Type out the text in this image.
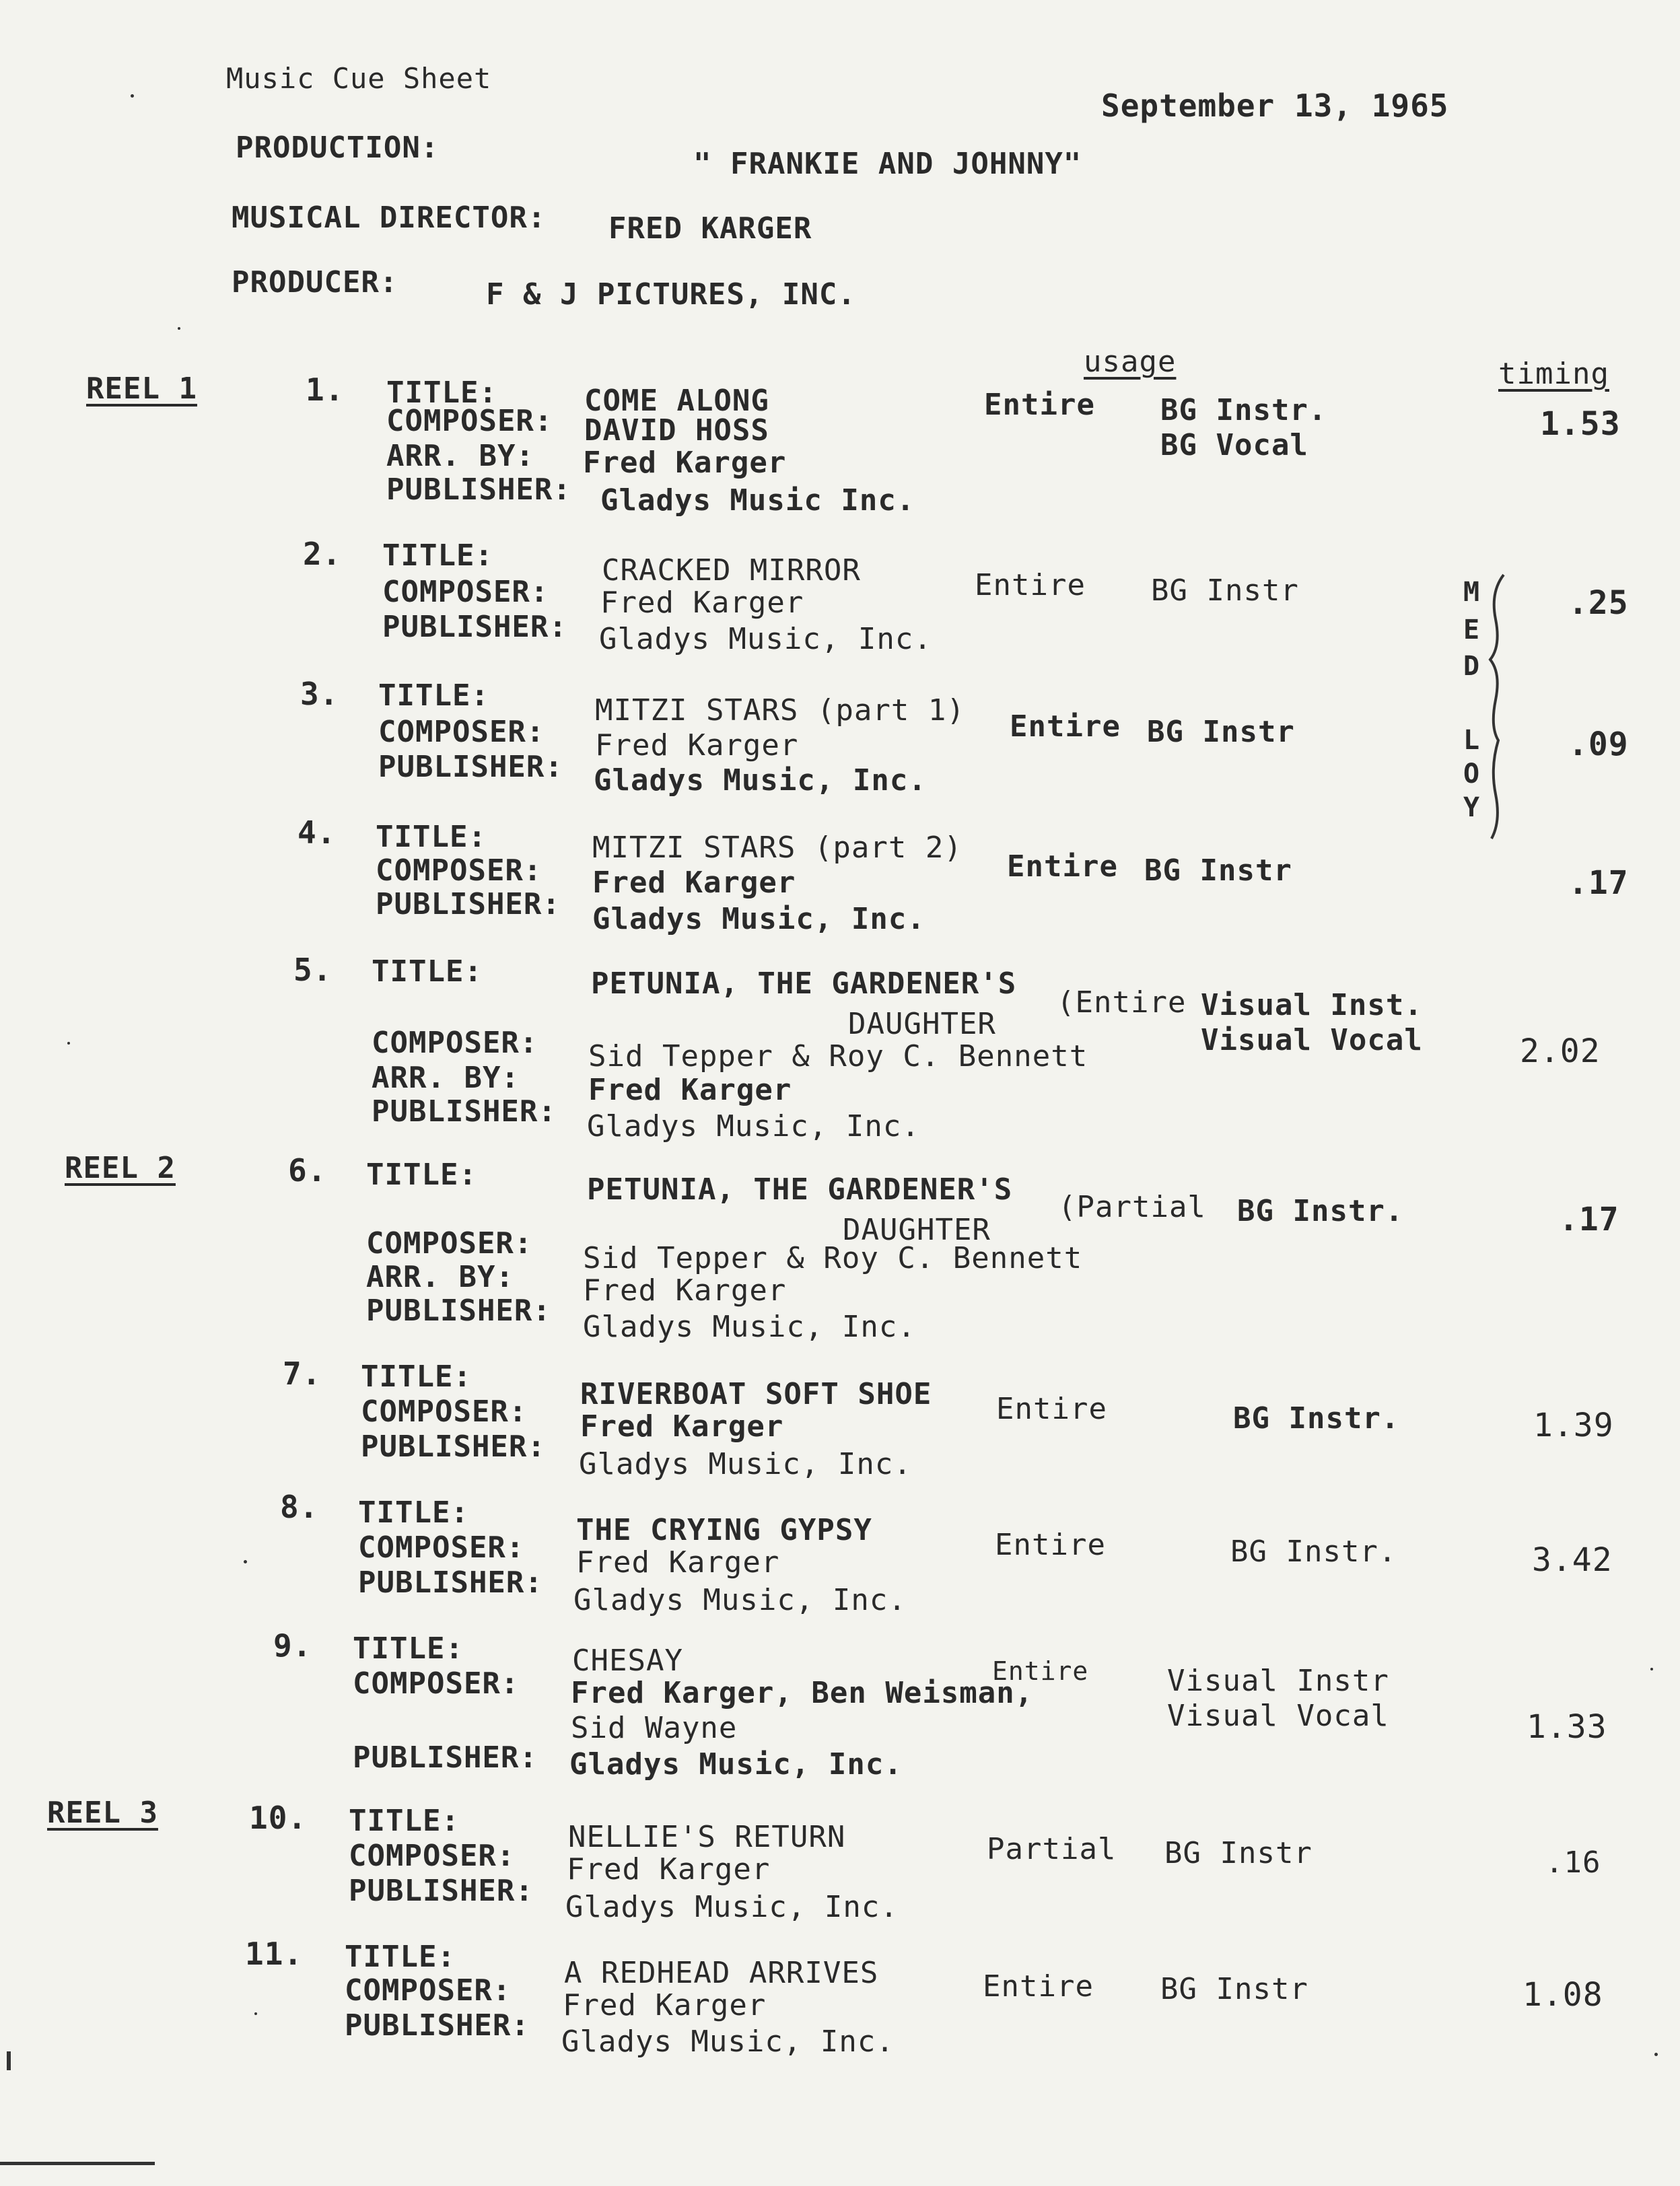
Music Cue Sheet
September 13, 1965
PRODUCTION:	" FRANKIE AND JOHNNY"
MUSICAL DIRECTOR: FRED KARGER
PRODUCER:	F & J PICTURES, INC.
usage	timing
REEL 1
REEL 2
REEL 3
M
E
D
L
O
Y
1. TITLE:	COME ALONG
COMPOSER: DAVID HOSS
ARR. BY: Fred Karger
PUBLISHER: Gladys Music Inc.
Entire BG Instr.
BG Vocal
1.53
2. TITLE:	CRACKED MIRROR
COMPOSER: Fred Karger
PUBLISHER: Gladys Music, Inc.
Entire BG Instr	.25
3. TITLE:	MITZI STARS (part 1)
COMPOSER: Fred Karger
PUBLISHER: Gladys Music, Inc.
Entire BG Instr	.09
4. TITLE:	MITZI STARS (part 2)
COMPOSER: Fred Karger
PUBLISHER: Gladys Music, Inc.
Entire BG Instr	.17
5. TITLE:	PETUNIA, THE GARDENER'S
DAUGHTER
COMPOSER: Sid Tepper & Roy C. Bennett
ARR. BY: Fred Karger
PUBLISHER: Gladys Music, Inc.
(Entire Visual Inst.
Visual Vocal	2.02
6. TITLE:	PETUNIA, THE GARDENER'S
DAUGHTER
COMPOSER: Sid Tepper & Roy C. Bennett
ARR. BY: Fred Karger
PUBLISHER: Gladys Music, Inc.
(Partial BG Instr.	.17
7. TITLE:
RIVERBOAT SOFT SHOE
COMPOSER: Fred Karger
PUBLISHER:
Gladys Music, Inc.
Entire	BG Instr.	1.39
8. TITLE:
THE CRYING GYPSY
COMPOSER: Fred Karger
PUBLISHER:
Gladys Music, Inc.
Entire	BG Instr.	3.42
9. TITLE:	CHESAY
COMPOSER: Fred Karger, Ben Weisman,
Sid Wayne
PUBLISHER: Gladys Music, Inc.
Entire	Visual Instr
Visual Vocal	1.33
10. TITLE:	NELLIE'S RETURN
COMPOSER: Fred Karger
PUBLISHER: Gladys Music, Inc.
Partial BG Instr	.16
11. TITLE:	A REDHEAD ARRIVES
COMPOSER: Fred Karger
PUBLISHER: Gladys Music, Inc.
Entire BG Instr	1.08
